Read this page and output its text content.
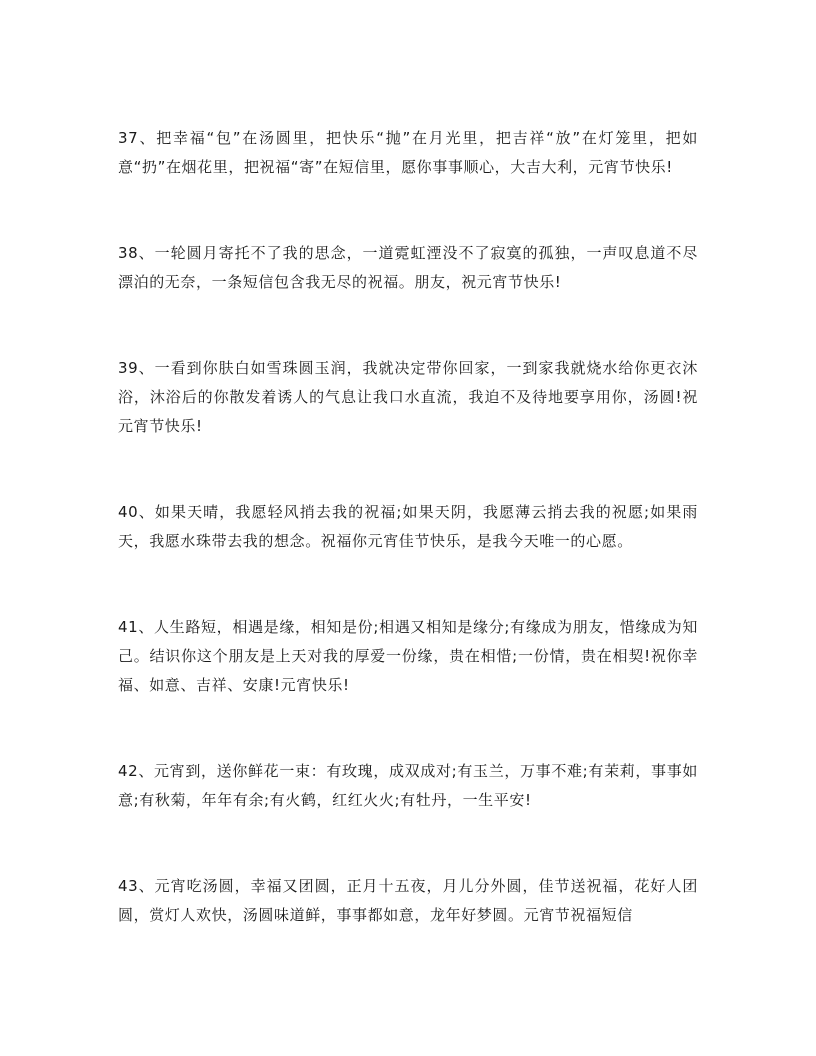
37、把幸福“包”在汤圆里，把快乐“抛”在月光里，把吉祥“放”在灯笼里，把如意“扔”在烟花里，把祝福“寄”在短信里，愿你事事顺心，大吉大利，元宵节快乐!

38、一轮圆月寄托不了我的思念，一道霓虹湮没不了寂寞的孤独，一声叹息道不尽漂泊的无奈，一条短信包含我无尽的祝福。朋友，祝元宵节快乐!

39、一看到你肤白如雪珠圆玉润，我就决定带你回家，一到家我就烧水给你更衣沐浴，沐浴后的你散发着诱人的气息让我口水直流，我迫不及待地要享用你，汤圆!祝元宵节快乐!

40、如果天晴，我愿轻风捎去我的祝福;如果天阴，我愿薄云捎去我的祝愿;如果雨天，我愿水珠带去我的想念。祝福你元宵佳节快乐，是我今天唯一的心愿。

41、人生路短，相遇是缘，相知是份;相遇又相知是缘分;有缘成为朋友，惜缘成为知己。结识你这个朋友是上天对我的厚爱一份缘，贵在相惜;一份情，贵在相契!祝你幸福、如意、吉祥、安康!元宵快乐!

42、元宵到，送你鲜花一束：有玫瑰，成双成对;有玉兰，万事不难;有茉莉，事事如意;有秋菊，年年有余;有火鹤，红红火火;有牡丹，一生平安!

43、元宵吃汤圆，幸福又团圆，正月十五夜，月儿分外圆，佳节送祝福，花好人团圆，赏灯人欢快，汤圆味道鲜，事事都如意，龙年好梦圆。元宵节祝福短信
